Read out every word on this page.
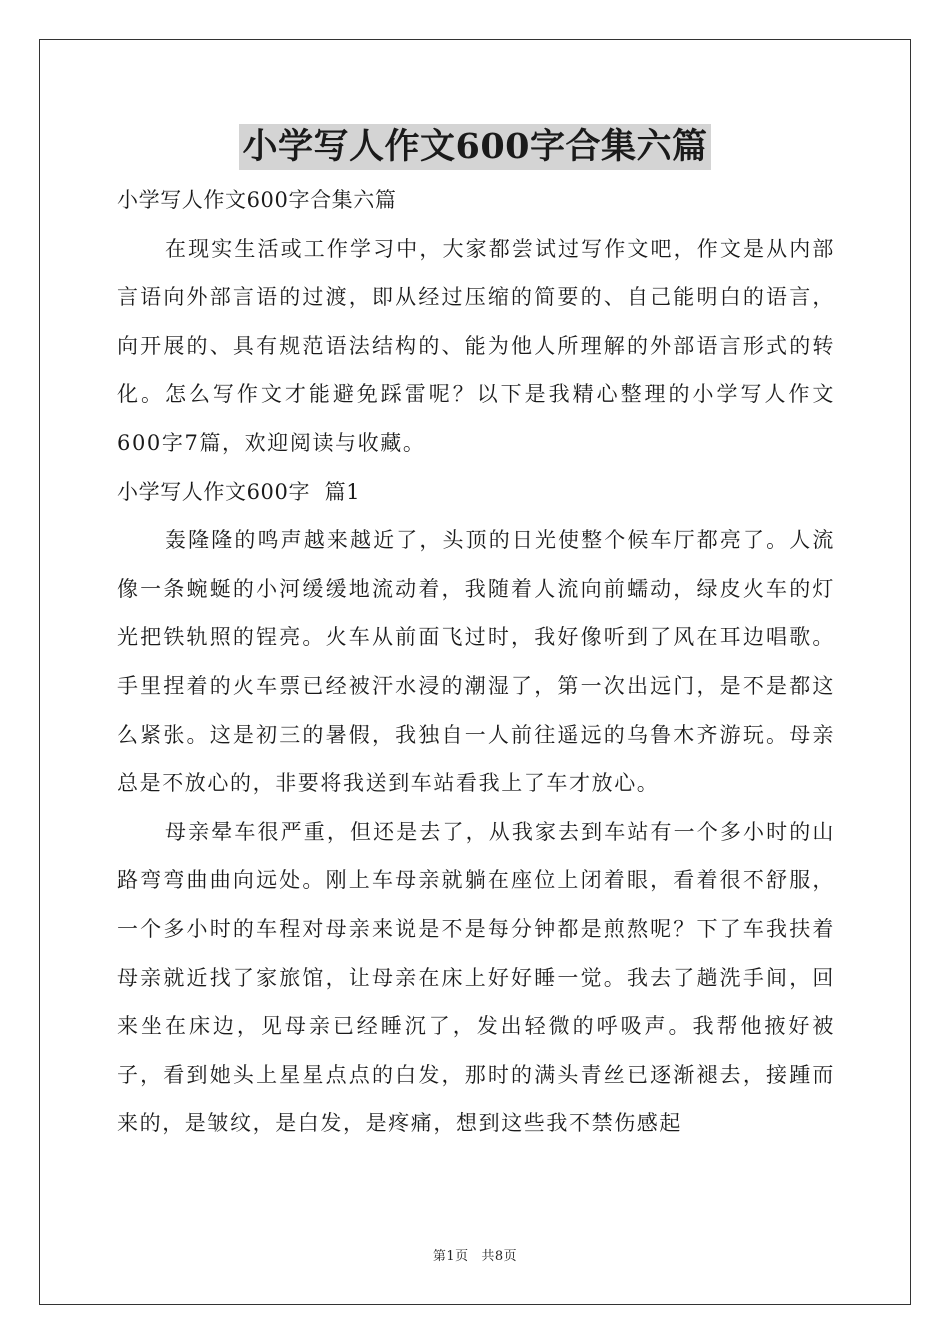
小学写人作文600字合集六篇

小学写人作文600字合集六篇

在现实生活或工作学习中，大家都尝试过写作文吧，作文是从内部言语向外部言语的过渡，即从经过压缩的简要的、自己能明白的语言，向开展的、具有规范语法结构的、能为他人所理解的外部语言形式的转化。怎么写作文才能避免踩雷呢？以下是我精心整理的小学写人作文600字7篇，欢迎阅读与收藏。

小学写人作文600字  篇1

轰隆隆的鸣声越来越近了，头顶的日光使整个候车厅都亮了。人流像一条蜿蜒的小河缓缓地流动着，我随着人流向前蠕动，绿皮火车的灯光把铁轨照的锃亮。火车从前面飞过时，我好像听到了风在耳边唱歌。手里捏着的火车票已经被汗水浸的潮湿了，第一次出远门，是不是都这么紧张。这是初三的暑假，我独自一人前往遥远的乌鲁木齐游玩。母亲总是不放心的，非要将我送到车站看我上了车才放心。

母亲晕车很严重，但还是去了，从我家去到车站有一个多小时的山路弯弯曲曲向远处。刚上车母亲就躺在座位上闭着眼，看着很不舒服，一个多小时的车程对母亲来说是不是每分钟都是煎熬呢？下了车我扶着母亲就近找了家旅馆，让母亲在床上好好睡一觉。我去了趟洗手间，回来坐在床边，见母亲已经睡沉了，发出轻微的呼吸声。我帮他掖好被子，看到她头上星星点点的白发，那时的满头青丝已逐渐褪去，接踵而来的，是皱纹，是白发，是疼痛，想到这些我不禁伤感起

第1页 共8页
